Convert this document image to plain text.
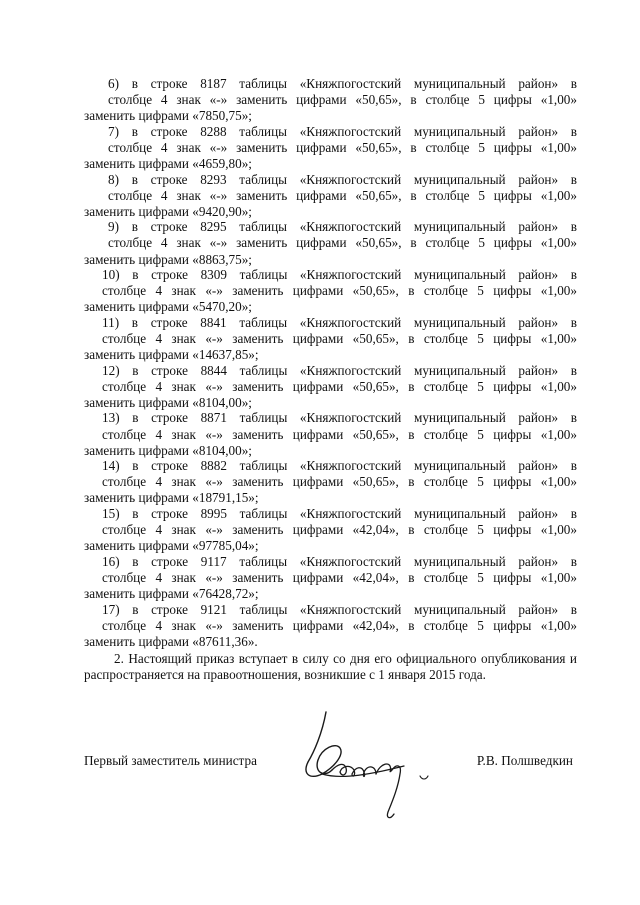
6) в строке 8187 таблицы «Княжпогостский муниципальный район» в
столбце 4 знак «-» заменить цифрами «50,65», в столбце 5 цифры «1,00»
заменить цифрами «7850,75»;
7) в строке 8288 таблицы «Княжпогостский муниципальный район» в
столбце 4 знак «-» заменить цифрами «50,65», в столбце 5 цифры «1,00»
заменить цифрами «4659,80»;
8) в строке 8293 таблицы «Княжпогостский муниципальный район» в
столбце 4 знак «-» заменить цифрами «50,65», в столбце 5 цифры «1,00»
заменить цифрами «9420,90»;
9) в строке 8295 таблицы «Княжпогостский муниципальный район» в
столбце 4 знак «-» заменить цифрами «50,65», в столбце 5 цифры «1,00»
заменить цифрами «8863,75»;
10) в строке 8309 таблицы «Княжпогостский муниципальный район» в
столбце 4 знак «-» заменить цифрами «50,65», в столбце 5 цифры «1,00»
заменить цифрами «5470,20»;
11) в строке 8841 таблицы «Княжпогостский муниципальный район» в
столбце 4 знак «-» заменить цифрами «50,65», в столбце 5 цифры «1,00»
заменить цифрами «14637,85»;
12) в строке 8844 таблицы «Княжпогостский муниципальный район» в
столбце 4 знак «-» заменить цифрами «50,65», в столбце 5 цифры «1,00»
заменить цифрами «8104,00»;
13) в строке 8871 таблицы «Княжпогостский муниципальный район» в
столбце 4 знак «-» заменить цифрами «50,65», в столбце 5 цифры «1,00»
заменить цифрами «8104,00»;
14) в строке 8882 таблицы «Княжпогостский муниципальный район» в
столбце 4 знак «-» заменить цифрами «50,65», в столбце 5 цифры «1,00»
заменить цифрами «18791,15»;
15) в строке 8995 таблицы «Княжпогостский муниципальный район» в
столбце 4 знак «-» заменить цифрами «42,04», в столбце 5 цифры «1,00»
заменить цифрами «97785,04»;
16) в строке 9117 таблицы «Княжпогостский муниципальный район» в
столбце 4 знак «-» заменить цифрами «42,04», в столбце 5 цифры «1,00»
заменить цифрами «76428,72»;
17) в строке 9121 таблицы «Княжпогостский муниципальный район» в
столбце 4 знак «-» заменить цифрами «42,04», в столбце 5 цифры «1,00»
заменить цифрами «87611,36».
2. Настоящий приказ вступает в силу со дня его официального опубликования и распространяется на правоотношения, возникшие с 1 января 2015 года.
Первый заместитель министра	Р.В. Полшведкин
